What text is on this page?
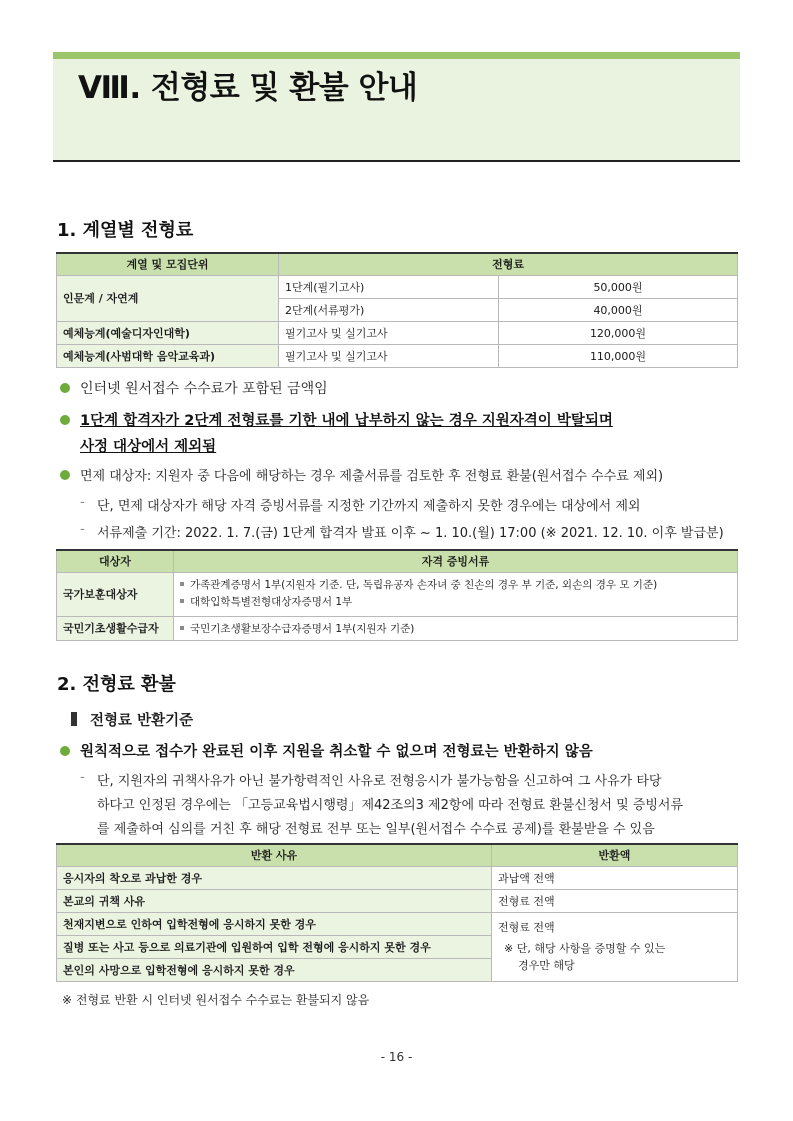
Ⅷ. 전형료 및 환불 안내
1. 계열별 전형료
계열 및 모집단위	전형료	
인문계 / 자연계	1단계(필기고사)	50,000원
	2단계(서류평가)	40,000원
예체능계(예술디자인대학)	필기고사 및 실기고사	120,000원
예체능계(사범대학 음악교육과)	필기고사 및 실기고사	110,000원
인터넷 원서접수 수수료가 포함된 금액임
1단계 합격자가 2단계 전형료를 기한 내에 납부하지 않는 경우 지원자격이 박탈되며
사정 대상에서 제외됨
면제 대상자: 지원자 중 다음에 해당하는 경우 제출서류를 검토한 후 전형료 환불(원서접수 수수료 제외)
- 단, 면제 대상자가 해당 자격 증빙서류를 지정한 기간까지 제출하지 못한 경우에는 대상에서 제외
- 서류제출 기간: 2022. 1. 7.(금) 1단계 합격자 발표 이후 ~ 1. 10.(월) 17:00 (※ 2021. 12. 10. 이후 발급분)
대상자	자격 증빙서류
국가보훈대상자	가족관계증명서 1부(지원자 기준. 단, 독립유공자 손자녀 중 친손의 경우 부 기준, 외손의 경우 모 기준)
대학입학특별전형대상자증명서 1부

국민기초생활수급자	국민기초생활보장수급자증명서 1부(지원자 기준)
2. 전형료 환불
전형료 반환기준
원칙적으로 접수가 완료된 이후 지원을 취소할 수 없으며 전형료는 반환하지 않음
- 단, 지원자의 귀책사유가 아닌 불가항력적인 사유로 전형응시가 불가능함을 신고하여 그 사유가 타당
하다고 인정된 경우에는 「고등교육법시행령」제42조의3 제2항에 따라 전형료 환불신청서 및 증빙서류
를 제출하여 심의를 거친 후 해당 전형료 전부 또는 일부(원서접수 수수료 공제)를 환불받을 수 있음
반환 사유	반환액
응시자의 착오로 과납한 경우	과납액 전액
본교의 귀책 사유	전형료 전액
천재지변으로 인하여 입학전형에 응시하지 못한 경우	전형료 전액
※ 단, 해당 사항을 증명할 수 있는
경우만 해당

질병 또는 사고 등으로 의료기관에 입원하여 입학 전형에 응시하지 못한 경우	
본인의 사망으로 입학전형에 응시하지 못한 경우	
※ 전형료 반환 시 인터넷 원서접수 수수료는 환불되지 않음
- 16 -
